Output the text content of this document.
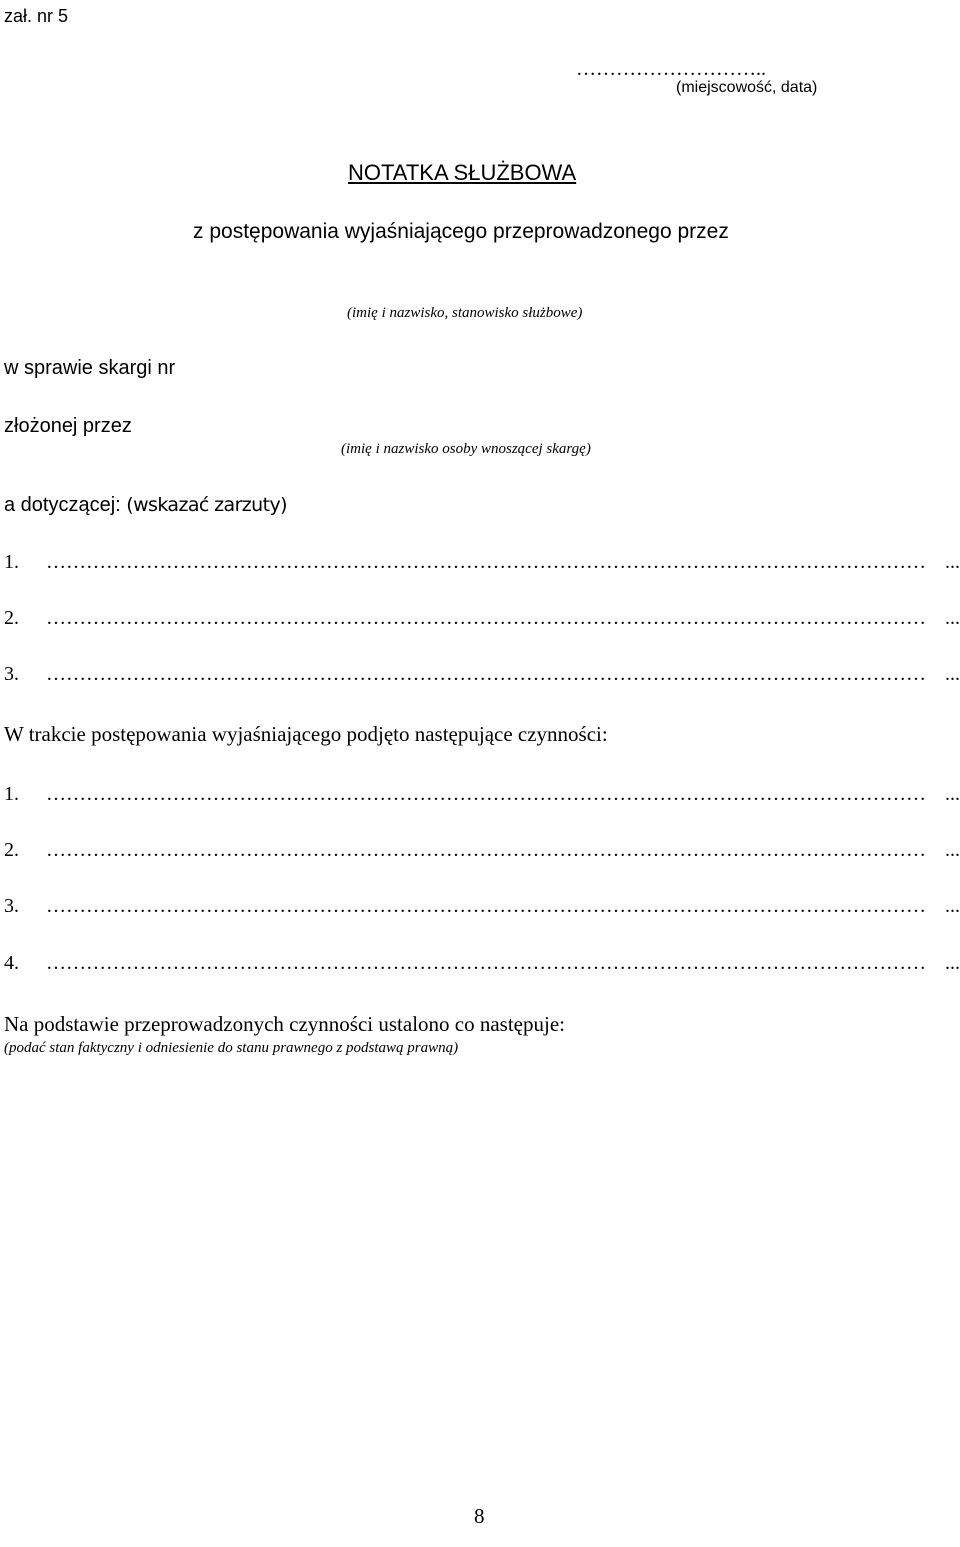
zał. nr 5
………………………..
(miejscowość, data)
NOTATKA SŁUŻBOWA
z postępowania wyjaśniającego przeprowadzonego przez
(imię i nazwisko, stanowisko służbowe)
w sprawie skargi nr
złożonej przez
(imię i nazwisko osoby wnoszącej skargę)
a dotyczącej: (wskazać zarzuty)
1. …………………………………………………………………………………………………………………… ...
2. …………………………………………………………………………………………………………………… ...
3. …………………………………………………………………………………………………………………… ...
W trakcie postępowania wyjaśniającego podjęto następujące czynności:
1. …………………………………………………………………………………………………………………… ...
2. …………………………………………………………………………………………………………………… ...
3. …………………………………………………………………………………………………………………… ...
4. …………………………………………………………………………………………………………………… ...
Na podstawie przeprowadzonych czynności ustalono co następuje:
(podać stan faktyczny i odniesienie do stanu prawnego z podstawą prawną)
8
